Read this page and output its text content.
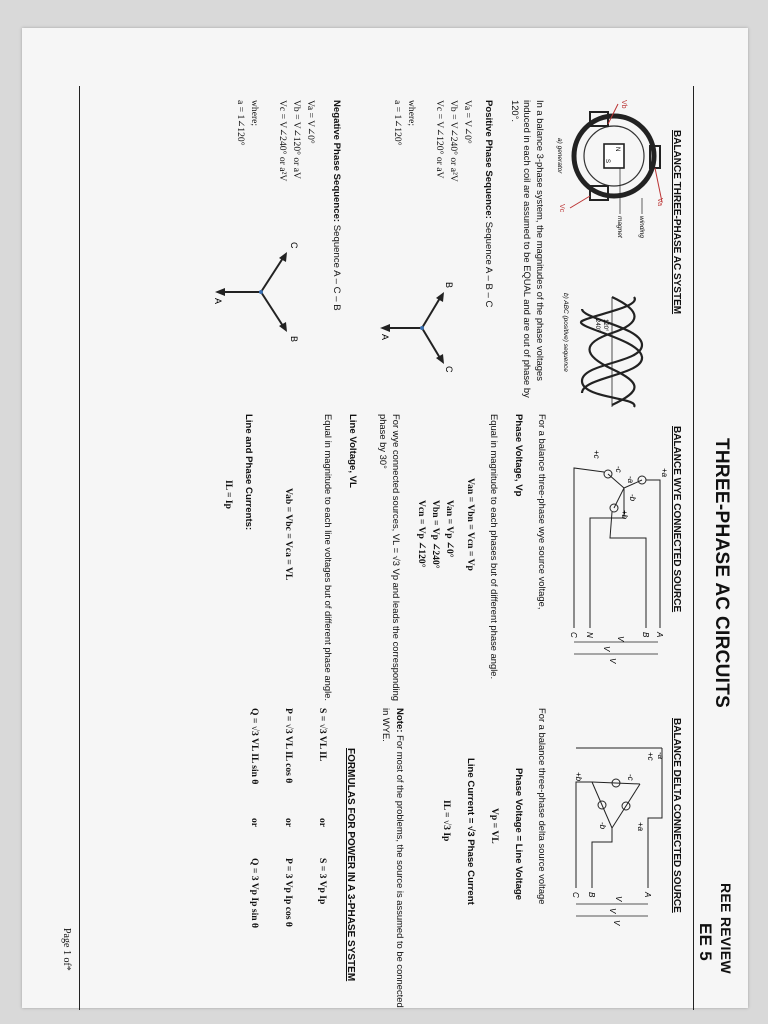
THREE-PHASE AC CIRCUITS
REE REVIEW
EE 5
BALANCE THREE-PHASE AC SYSTEM
N
S
Va
Vb
Vc
winding
magnet
a) generator
120°
240°
b) ABC (positive) sequence
In a balance 3-phase system, the magnitudes of the phase voltages induced in each coil are assumed to be EQUAL and are out of phase by 120°.
Positive Phase Sequence: Sequence A – B – C
Va = V∠0°
Vb = V∠240° or a²V
Vc = V∠120° or aV
where;
a = 1∠120°
A
B
C
Negative Phase Sequence: Sequence A – C – B
Va = V∠0°
Vb = V∠120° or aV
Vc = V∠240° or a²V
where;
a = 1∠120°
A
B
C
BALANCE WYE CONNECTED SOURCE
+a
+b
+c
-a
-b
-c
A
B
C N
V
V
V
For a balance three-phase wye source voltage,
Phase Voltage, Vp
Equal in magnitude to each phases but of different phase angle.
Van = Vbn = Vcn = Vp
Van = Vp ∠0°
Vbn = Vp ∠240°
Vcn = Vp ∠120°
For wye connected sources, VL = √3 Vp and leads the corresponding phase by 30°
Line Voltage, VL
Equal in magnitude to each line voltages but of different phase angle.
Vab = Vbc = Vca = VL
Line and Phase Currents:
IL = Ip
BALANCE DELTA CONNECTED SOURCE
+a
+b
+c -a
-b
-c
A
B
C
V
V
V
For a balance three-phase delta source voltage
Phase Voltage = Line Voltage
Vp = VL
Line Current = √3 Phase Current
IL = √3 Ip
Note: For most of the problems, the source is assumed to be connected in WYE.
FORMULAS FOR POWER IN A 3-PHASE SYSTEM
S = √3 VL IL
or
S = 3 Vp Ip
P = √3 VL IL cos θ
or
P = 3 Vp Ip cos θ
Q = √3 VL IL sin θ
or
Q = 3 Vp Ip sin θ
Page 1 of*
